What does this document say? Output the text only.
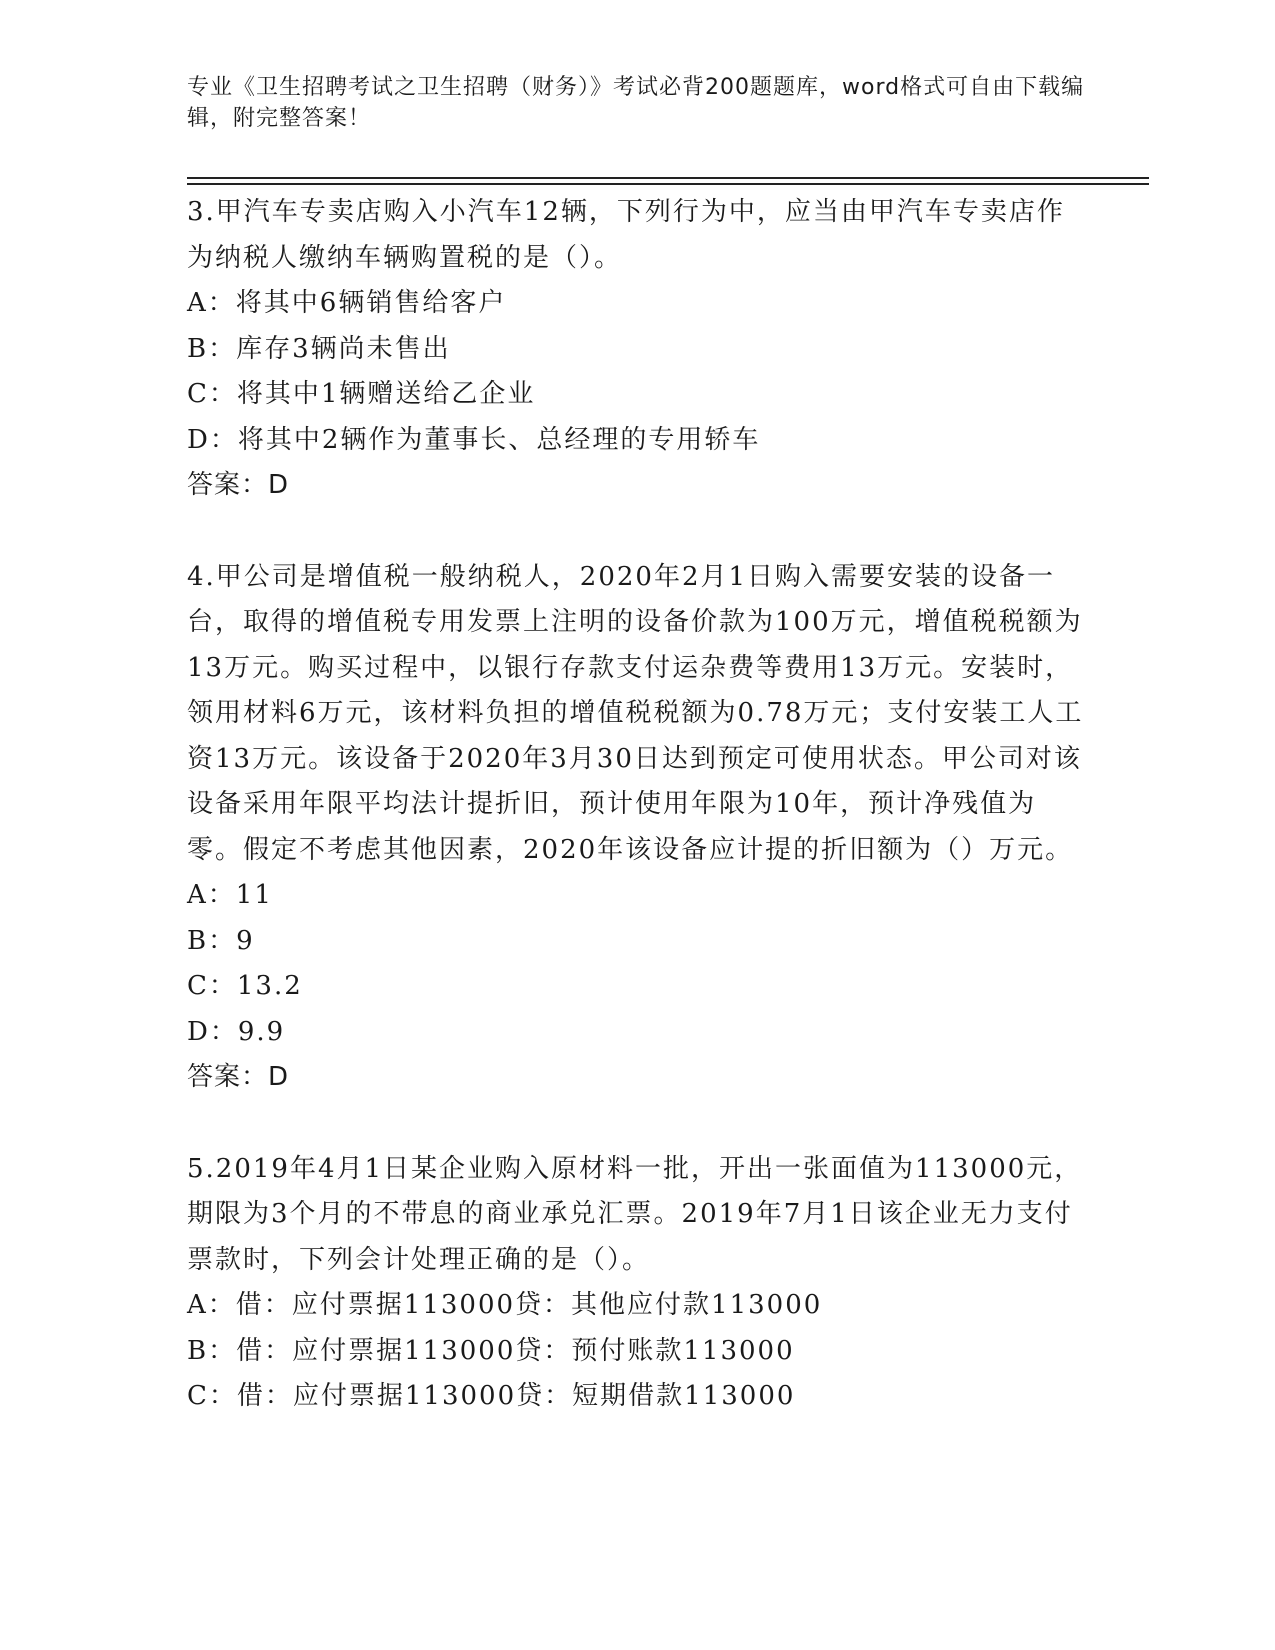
专业《卫生招聘考试之卫生招聘（财务）》考试必背200题题库，word格式可自由下载编辑，附完整答案！
3.甲汽车专卖店购入小汽车12辆，下列行为中，应当由甲汽车专卖店作为纳税人缴纳车辆购置税的是（）。
A：将其中6辆销售给客户
B：库存3辆尚未售出
C：将其中1辆赠送给乙企业
D：将其中2辆作为董事长、总经理的专用轿车
答案：D
4.甲公司是增值税一般纳税人，2020年2月1日购入需要安装的设备一台，取得的增值税专用发票上注明的设备价款为100万元，增值税税额为13万元。购买过程中，以银行存款支付运杂费等费用13万元。安装时，领用材料6万元，该材料负担的增值税税额为0.78万元；支付安装工人工资13万元。该设备于2020年3月30日达到预定可使用状态。甲公司对该设备采用年限平均法计提折旧，预计使用年限为10年，预计净残值为零。假定不考虑其他因素，2020年该设备应计提的折旧额为（）万元。
A：11
B：9
C：13.2
D：9.9
答案：D
5.2019年4月1日某企业购入原材料一批，开出一张面值为113000元，期限为3个月的不带息的商业承兑汇票。2019年7月1日该企业无力支付票款时，下列会计处理正确的是（）。
A：借：应付票据113000贷：其他应付款113000
B：借：应付票据113000贷：预付账款113000
C：借：应付票据113000贷：短期借款113000
